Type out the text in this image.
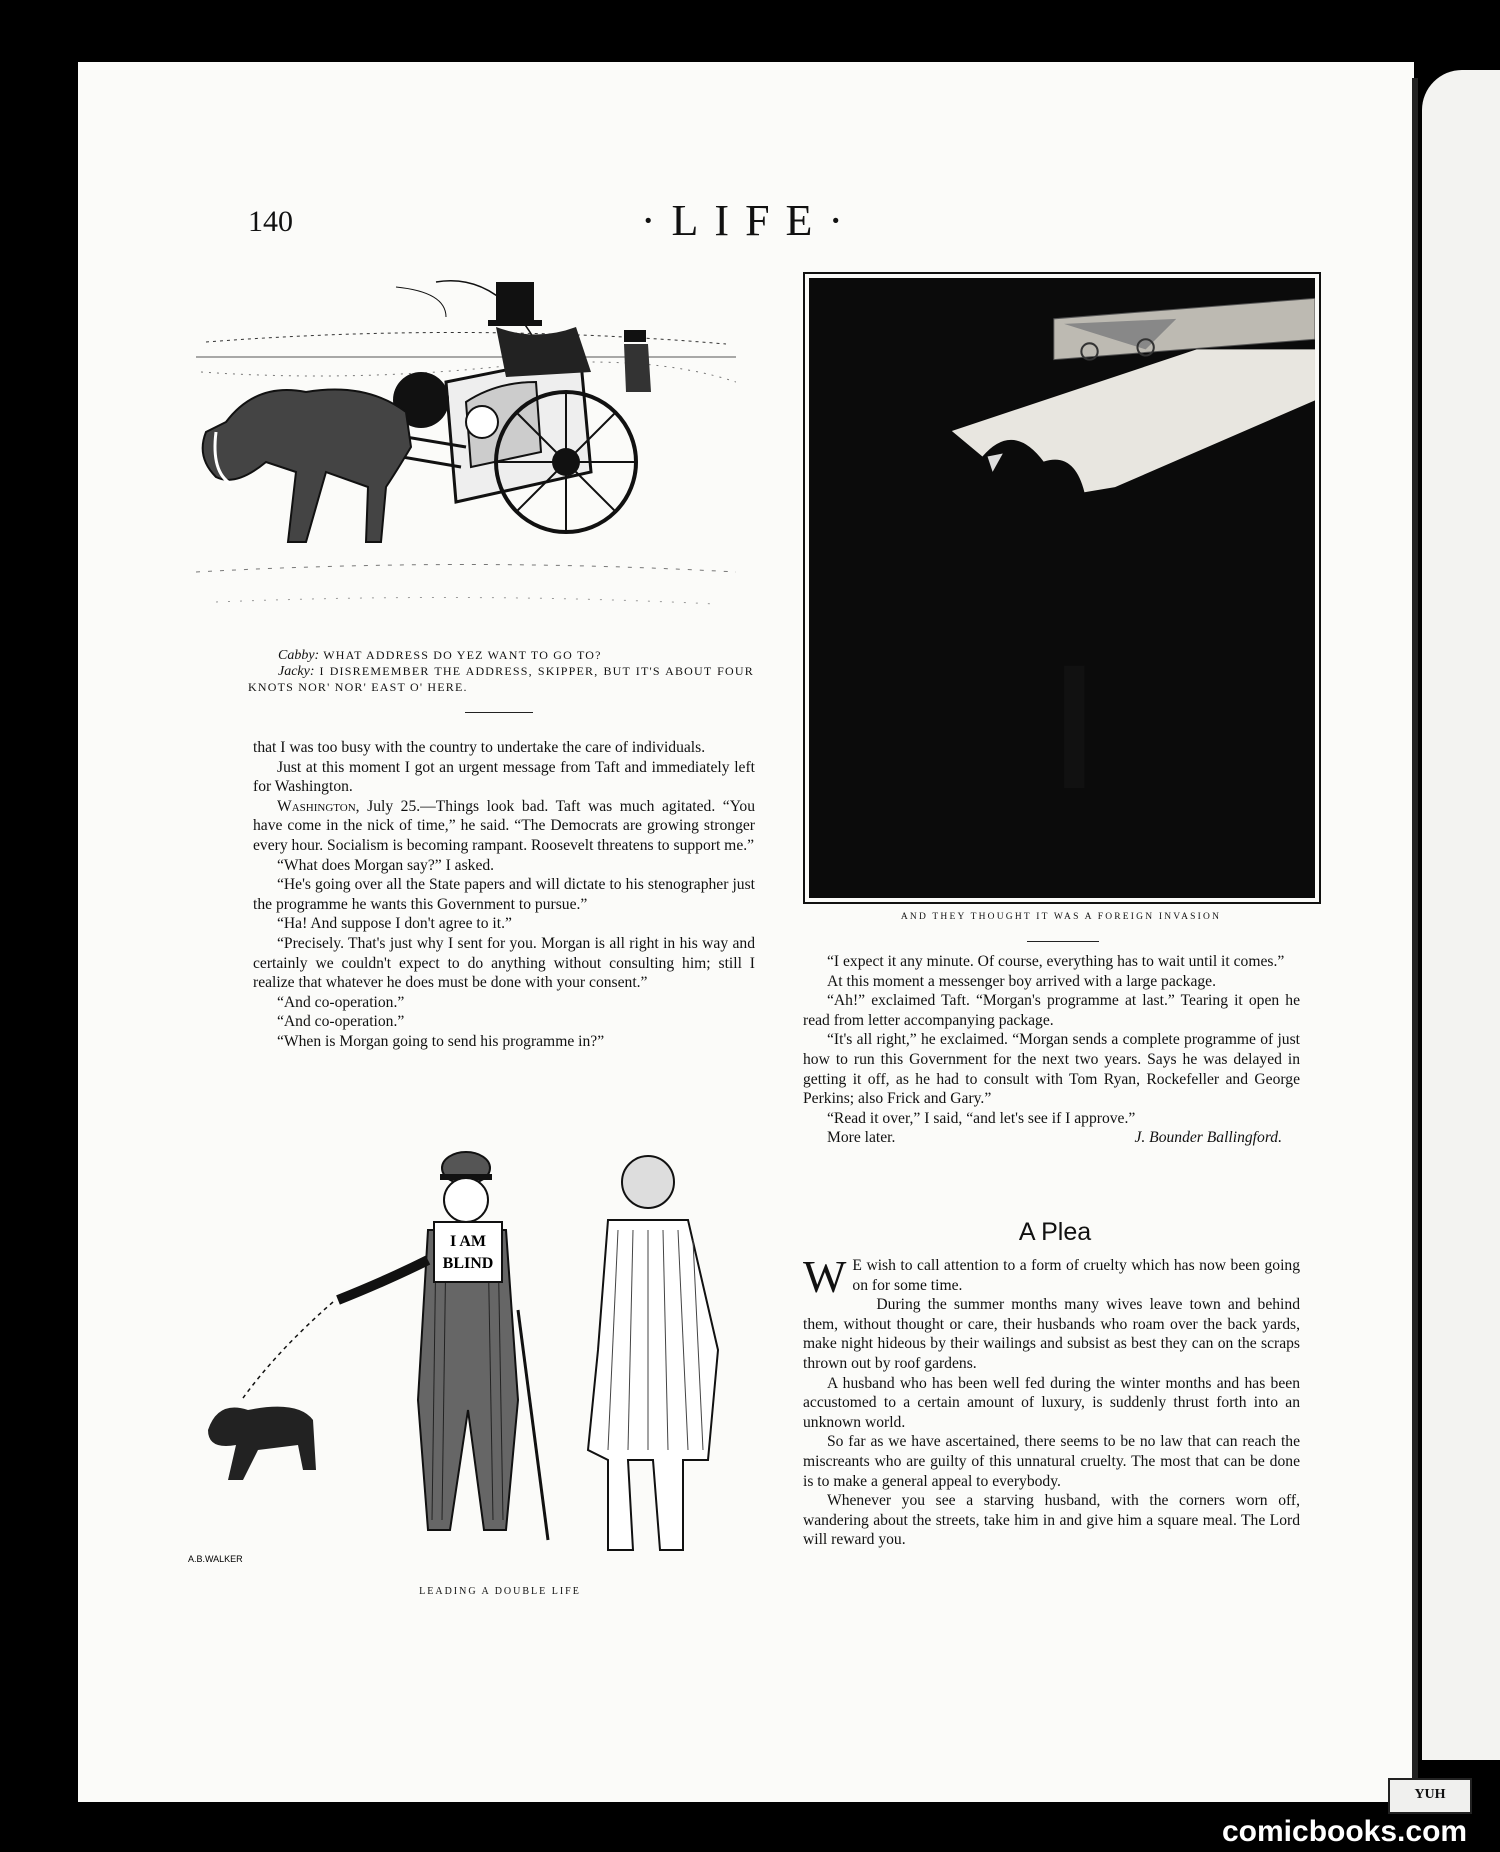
140	·LIFE·
Cabby: WHAT ADDRESS DO YEZ WANT TO GO TO?
Jacky: I DISREMEMBER THE ADDRESS, SKIPPER, BUT IT'S ABOUT FOUR KNOTS NOR' NOR' EAST O' HERE.

that I was too busy with the country to undertake the care of individuals.

Just at this moment I got an urgent message from Taft and immediately left for Washington.

Washington, July 25.—Things look bad. Taft was much agitated. “You have come in the nick of time,” he said. “The Democrats are growing stronger every hour. Socialism is becoming rampant. Roosevelt threatens to support me.”

“What does Morgan say?” I asked.

“He's going over all the State papers and will dictate to his stenographer just the programme he wants this Government to pursue.”

“Ha! And suppose I don't agree to it.”

“Precisely. That's just why I sent for you. Morgan is all right in his way and certainly we couldn't expect to do anything without consulting him; still I realize that whatever he does must be done with your consent.”

“And co-operation.”

“And co-operation.”

“When is Morgan going to send his programme in?”

I AM
BLIND
A.B.WALKER
LEADING A DOUBLE LIFE
AND THEY THOUGHT IT WAS A FOREIGN INVASION

“I expect it any minute. Of course, everything has to wait until it comes.”

At this moment a messenger boy arrived with a large package.

“Ah!” exclaimed Taft. “Morgan's programme at last.” Tearing it open he read from letter accompanying package.

“It's all right,” he exclaimed. “Morgan sends a complete programme of just how to run this Government for the next two years. Says he was delayed in getting it off, as he had to consult with Tom Ryan, Rockefeller and George Perkins; also Frick and Gary.”

“Read it over,” I said, “and let's see if I approve.”

More later.	J. Bounder Ballingford.
A Plea

W E wish to call attention to a form of cruelty which has now been going on for some time.

During the summer months many wives leave town and behind them, without thought or care, their husbands who roam over the back yards, make night hideous by their wailings and subsist as best they can on the scraps thrown out by roof gardens.

A husband who has been well fed during the winter months and has been accustomed to a certain amount of luxury, is suddenly thrust forth into an unknown world.

So far as we have ascertained, there seems to be no law that can reach the miscreants who are guilty of this unnatural cruelty. The most that can be done is to make a general appeal to everybody.

Whenever you see a starving husband, with the corners worn off, wandering about the streets, take him in and give him a square meal. The Lord will reward you.

YUH
comicbooks.com
